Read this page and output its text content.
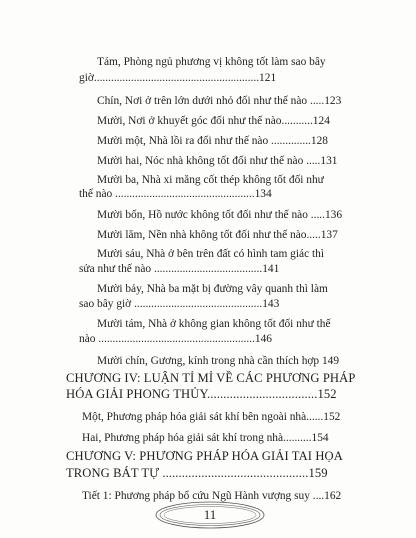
Tám, Phòng ngủ phương vị không tốt làm sao bây
giờ..........................................................121
Chín, Nơi ở trên lớn dưới nhỏ đối như thế nào .....123
Mười, Nơi ở khuyết góc đối như thế nào...........124
Mười một, Nhà lồi ra đối như thế nào ..............128
Mười hai, Nóc nhà không tốt đối như thế nào .....131
Mười ba, Nhà xi măng cốt thép không tốt đối như
thế nào .................................................134
Mười bốn, Hồ nước không tốt đối như thế nào .....136
Mười lăm, Nền nhà không tốt đối như thế nào.....137
Mười sáu, Nhà ở bên trên đất có hình tam giác thì
sửa như thế nào ......................................141
Mười bảy, Nhà ba mặt bị đường vây quanh thì làm
sao bây giờ .............................................143
Mười tám, Nhà ở không gian không tốt đối như thế
nào .......................................................146
Mười chín, Gương, kính trong nhà cần thích hợp 149
CHƯƠNG IV: LUẬN TỈ MỈ VỀ CÁC PHƯƠNG PHÁP
HÓA GIẢI PHONG THỦY..................................152
Một, Phương pháp hóa giải sát khí bên ngoài nhà......152
Hai, Phương pháp hóa giải sát khí trong nhà..........154
CHƯƠNG V: PHƯƠNG PHÁP HÓA GIẢI TAI HỌA
TRONG BÁT TỰ .............................................159
Tiết 1: Phương pháp bổ cứu Ngũ Hành vượng suy ....162
11
